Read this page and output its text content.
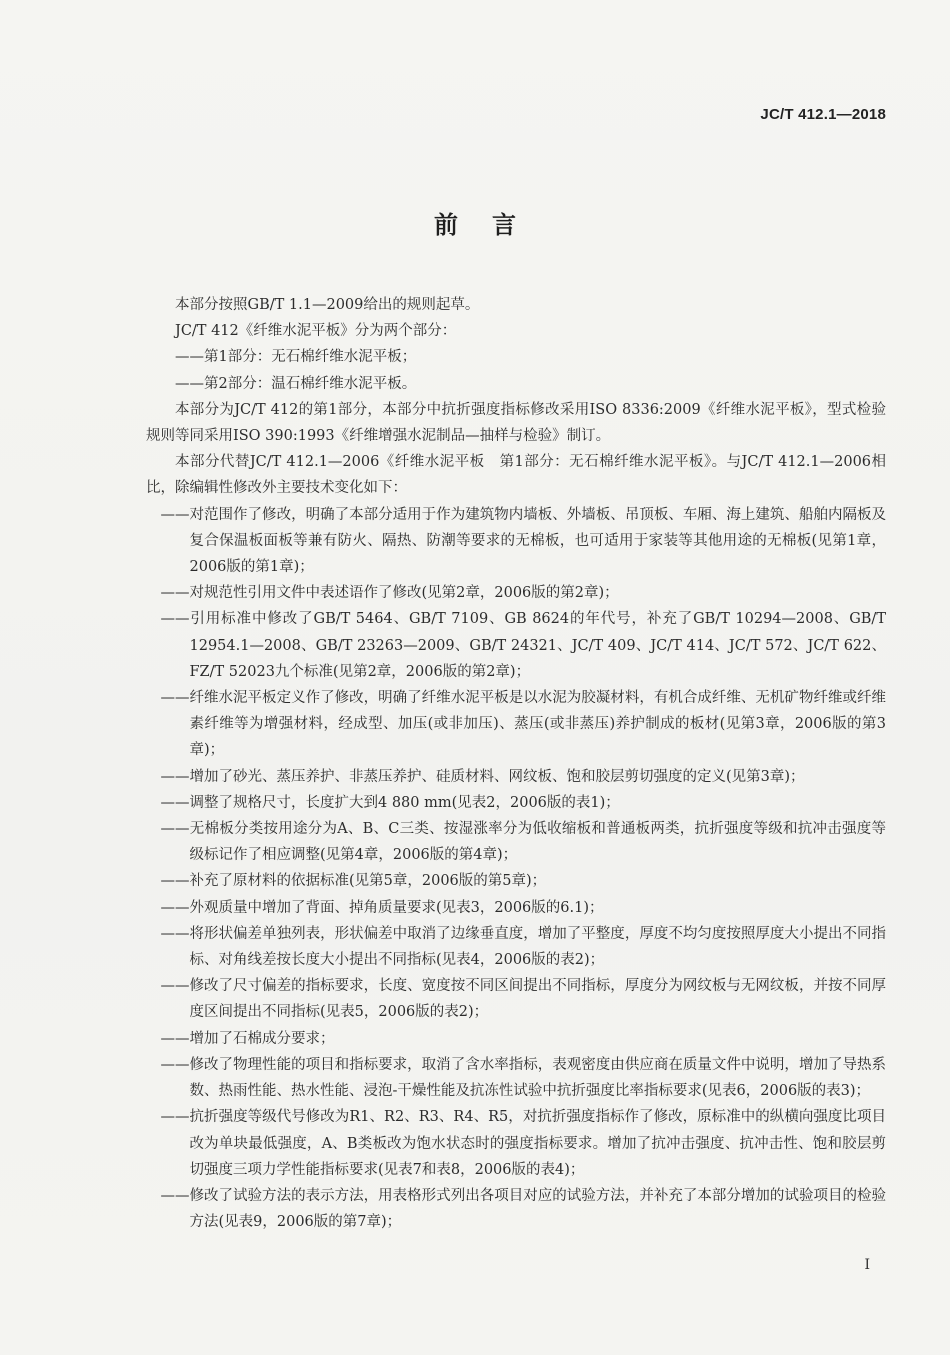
JC/T 412.1—2018
前言

本部分按照GB/T 1.1—2009给出的规则起草。

JC/T 412《纤维水泥平板》分为两个部分：

——第1部分：无石棉纤维水泥平板；

——第2部分：温石棉纤维水泥平板。

本部分为JC/T 412的第1部分，本部分中抗折强度指标修改采用ISO 8336:2009《纤维水泥平板》，型式检验规则等同采用ISO 390:1993《纤维增强水泥制品—抽样与检验》制订。

本部分代替JC/T 412.1—2006《纤维水泥平板　第1部分：无石棉纤维水泥平板》。与JC/T 412.1—2006相比，除编辑性修改外主要技术变化如下：

——对范围作了修改，明确了本部分适用于作为建筑物内墙板、外墙板、吊顶板、车厢、海上建筑、船舶内隔板及复合保温板面板等兼有防火、隔热、防潮等要求的无棉板，也可适用于家装等其他用途的无棉板(见第1章，2006版的第1章)；

——对规范性引用文件中表述语作了修改(见第2章，2006版的第2章)；

——引用标准中修改了GB/T 5464、GB/T 7109、GB 8624的年代号，补充了GB/T 10294—2008、GB/T 12954.1—2008、GB/T 23263—2009、GB/T 24321、JC/T 409、JC/T 414、JC/T 572、JC/T 622、FZ/T 52023九个标准(见第2章，2006版的第2章)；

——纤维水泥平板定义作了修改，明确了纤维水泥平板是以水泥为胶凝材料，有机合成纤维、无机矿物纤维或纤维素纤维等为增强材料，经成型、加压(或非加压)、蒸压(或非蒸压)养护制成的板材(见第3章，2006版的第3章)；

——增加了砂光、蒸压养护、非蒸压养护、硅质材料、网纹板、饱和胶层剪切强度的定义(见第3章)；

——调整了规格尺寸，长度扩大到4 880 mm(见表2，2006版的表1)；

——无棉板分类按用途分为A、B、C三类、按湿涨率分为低收缩板和普通板两类，抗折强度等级和抗冲击强度等级标记作了相应调整(见第4章，2006版的第4章)；

——补充了原材料的依据标准(见第5章，2006版的第5章)；

——外观质量中增加了背面、掉角质量要求(见表3，2006版的6.1)；

——将形状偏差单独列表，形状偏差中取消了边缘垂直度，增加了平整度，厚度不均匀度按照厚度大小提出不同指标、对角线差按长度大小提出不同指标(见表4，2006版的表2)；

——修改了尺寸偏差的指标要求，长度、宽度按不同区间提出不同指标，厚度分为网纹板与无网纹板，并按不同厚度区间提出不同指标(见表5，2006版的表2)；

——增加了石棉成分要求；

——修改了物理性能的项目和指标要求，取消了含水率指标，表观密度由供应商在质量文件中说明，增加了导热系数、热雨性能、热水性能、浸泡-干燥性能及抗冻性试验中抗折强度比率指标要求(见表6，2006版的表3)；

——抗折强度等级代号修改为R1、R2、R3、R4、R5，对抗折强度指标作了修改，原标准中的纵横向强度比项目改为单块最低强度，A、B类板改为饱水状态时的强度指标要求。增加了抗冲击强度、抗冲击性、饱和胶层剪切强度三项力学性能指标要求(见表7和表8，2006版的表4)；

——修改了试验方法的表示方法，用表格形式列出各项目对应的试验方法，并补充了本部分增加的试验项目的检验方法(见表9，2006版的第7章)；

I
